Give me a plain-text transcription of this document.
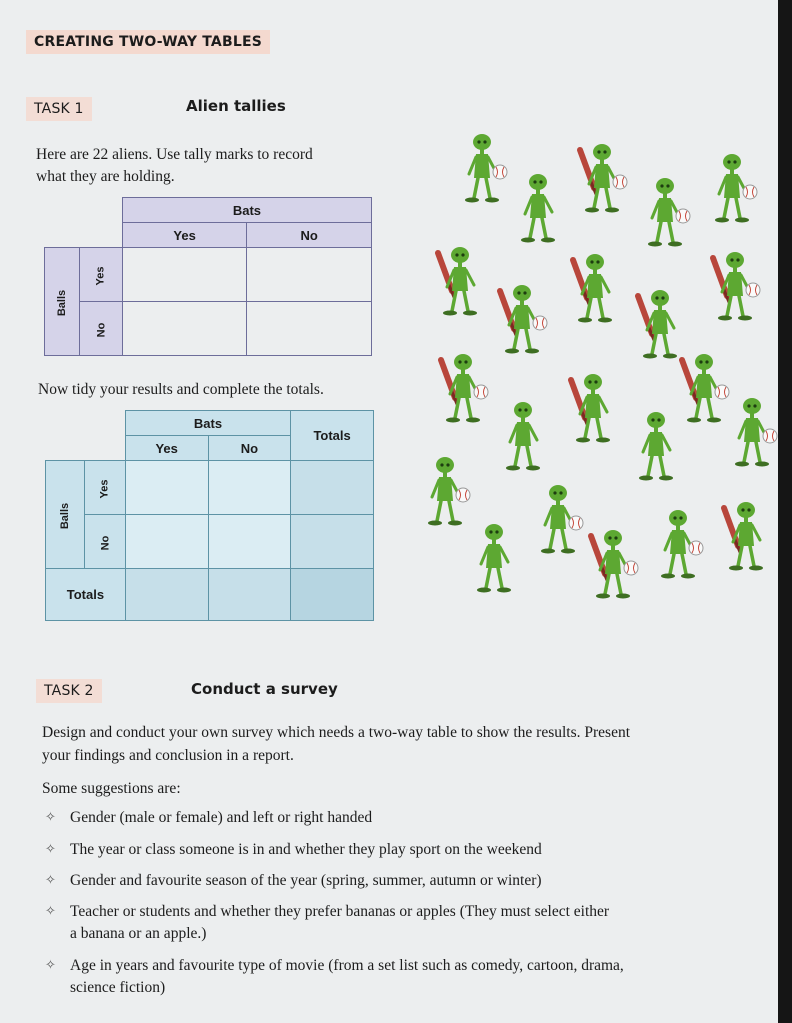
CREATING TWO-WAY TABLES
TASK 1	Alien tallies
Here are 22 aliens. Use tally marks to record
what they are holding.
		Bats	
		Yes	No
Balls	Yes		
	No		
Now tidy your results and complete the totals.
		Bats		Totals
		Yes	No	
Balls	Yes			
	No			
Totals				
TASK 2	Conduct a survey
Design and conduct your own survey which needs a two-way table to show the results. Present
your findings and conclusion in a report.
Some suggestions are:
✧ Gender (male or female) and left or right handed
✧ The year or class someone is in and whether they play sport on the weekend
✧ Gender and favourite season of the year (spring, summer, autumn or winter)
✧ Teacher or students and whether they prefer bananas or apples (They must select either
a banana or an apple.)
✧ Age in years and favourite type of movie (from a set list such as comedy, cartoon, drama,
science fiction)
